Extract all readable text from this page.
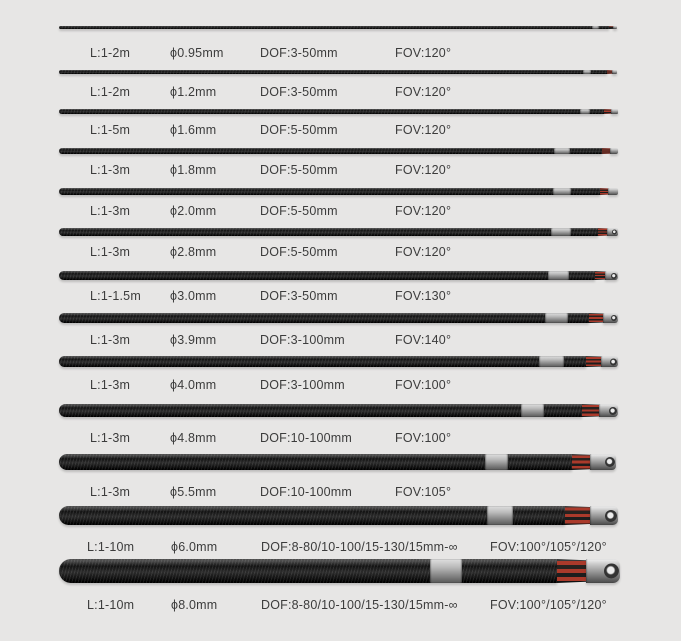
L:1-2m	ϕ0.95mm	DOF:3-50mm	FOV:120°
L:1-2m	ϕ1.2mm	DOF:3-50mm	FOV:120°
L:1-5m	ϕ1.6mm	DOF:5-50mm	FOV:120°
L:1-3m	ϕ1.8mm	DOF:5-50mm	FOV:120°
L:1-3m	ϕ2.0mm	DOF:5-50mm	FOV:120°
L:1-3m	ϕ2.8mm	DOF:5-50mm	FOV:120°
L:1-1.5m ϕ3.0mm	DOF:3-50mm	FOV:130°
L:1-3m	ϕ3.9mm	DOF:3-100mm	FOV:140°
L:1-3m	ϕ4.0mm	DOF:3-100mm	FOV:100°
L:1-3m	ϕ4.8mm	DOF:10-100mm	FOV:100°
L:1-3m	ϕ5.5mm	DOF:10-100mm	FOV:105°
L:1-10m	ϕ6.0mm	DOF:8-80/10-100/15-130/15mm-∞	FOV:100°/105°/120°
L:1-10m	ϕ8.0mm	DOF:8-80/10-100/15-130/15mm-∞	FOV:100°/105°/120°
